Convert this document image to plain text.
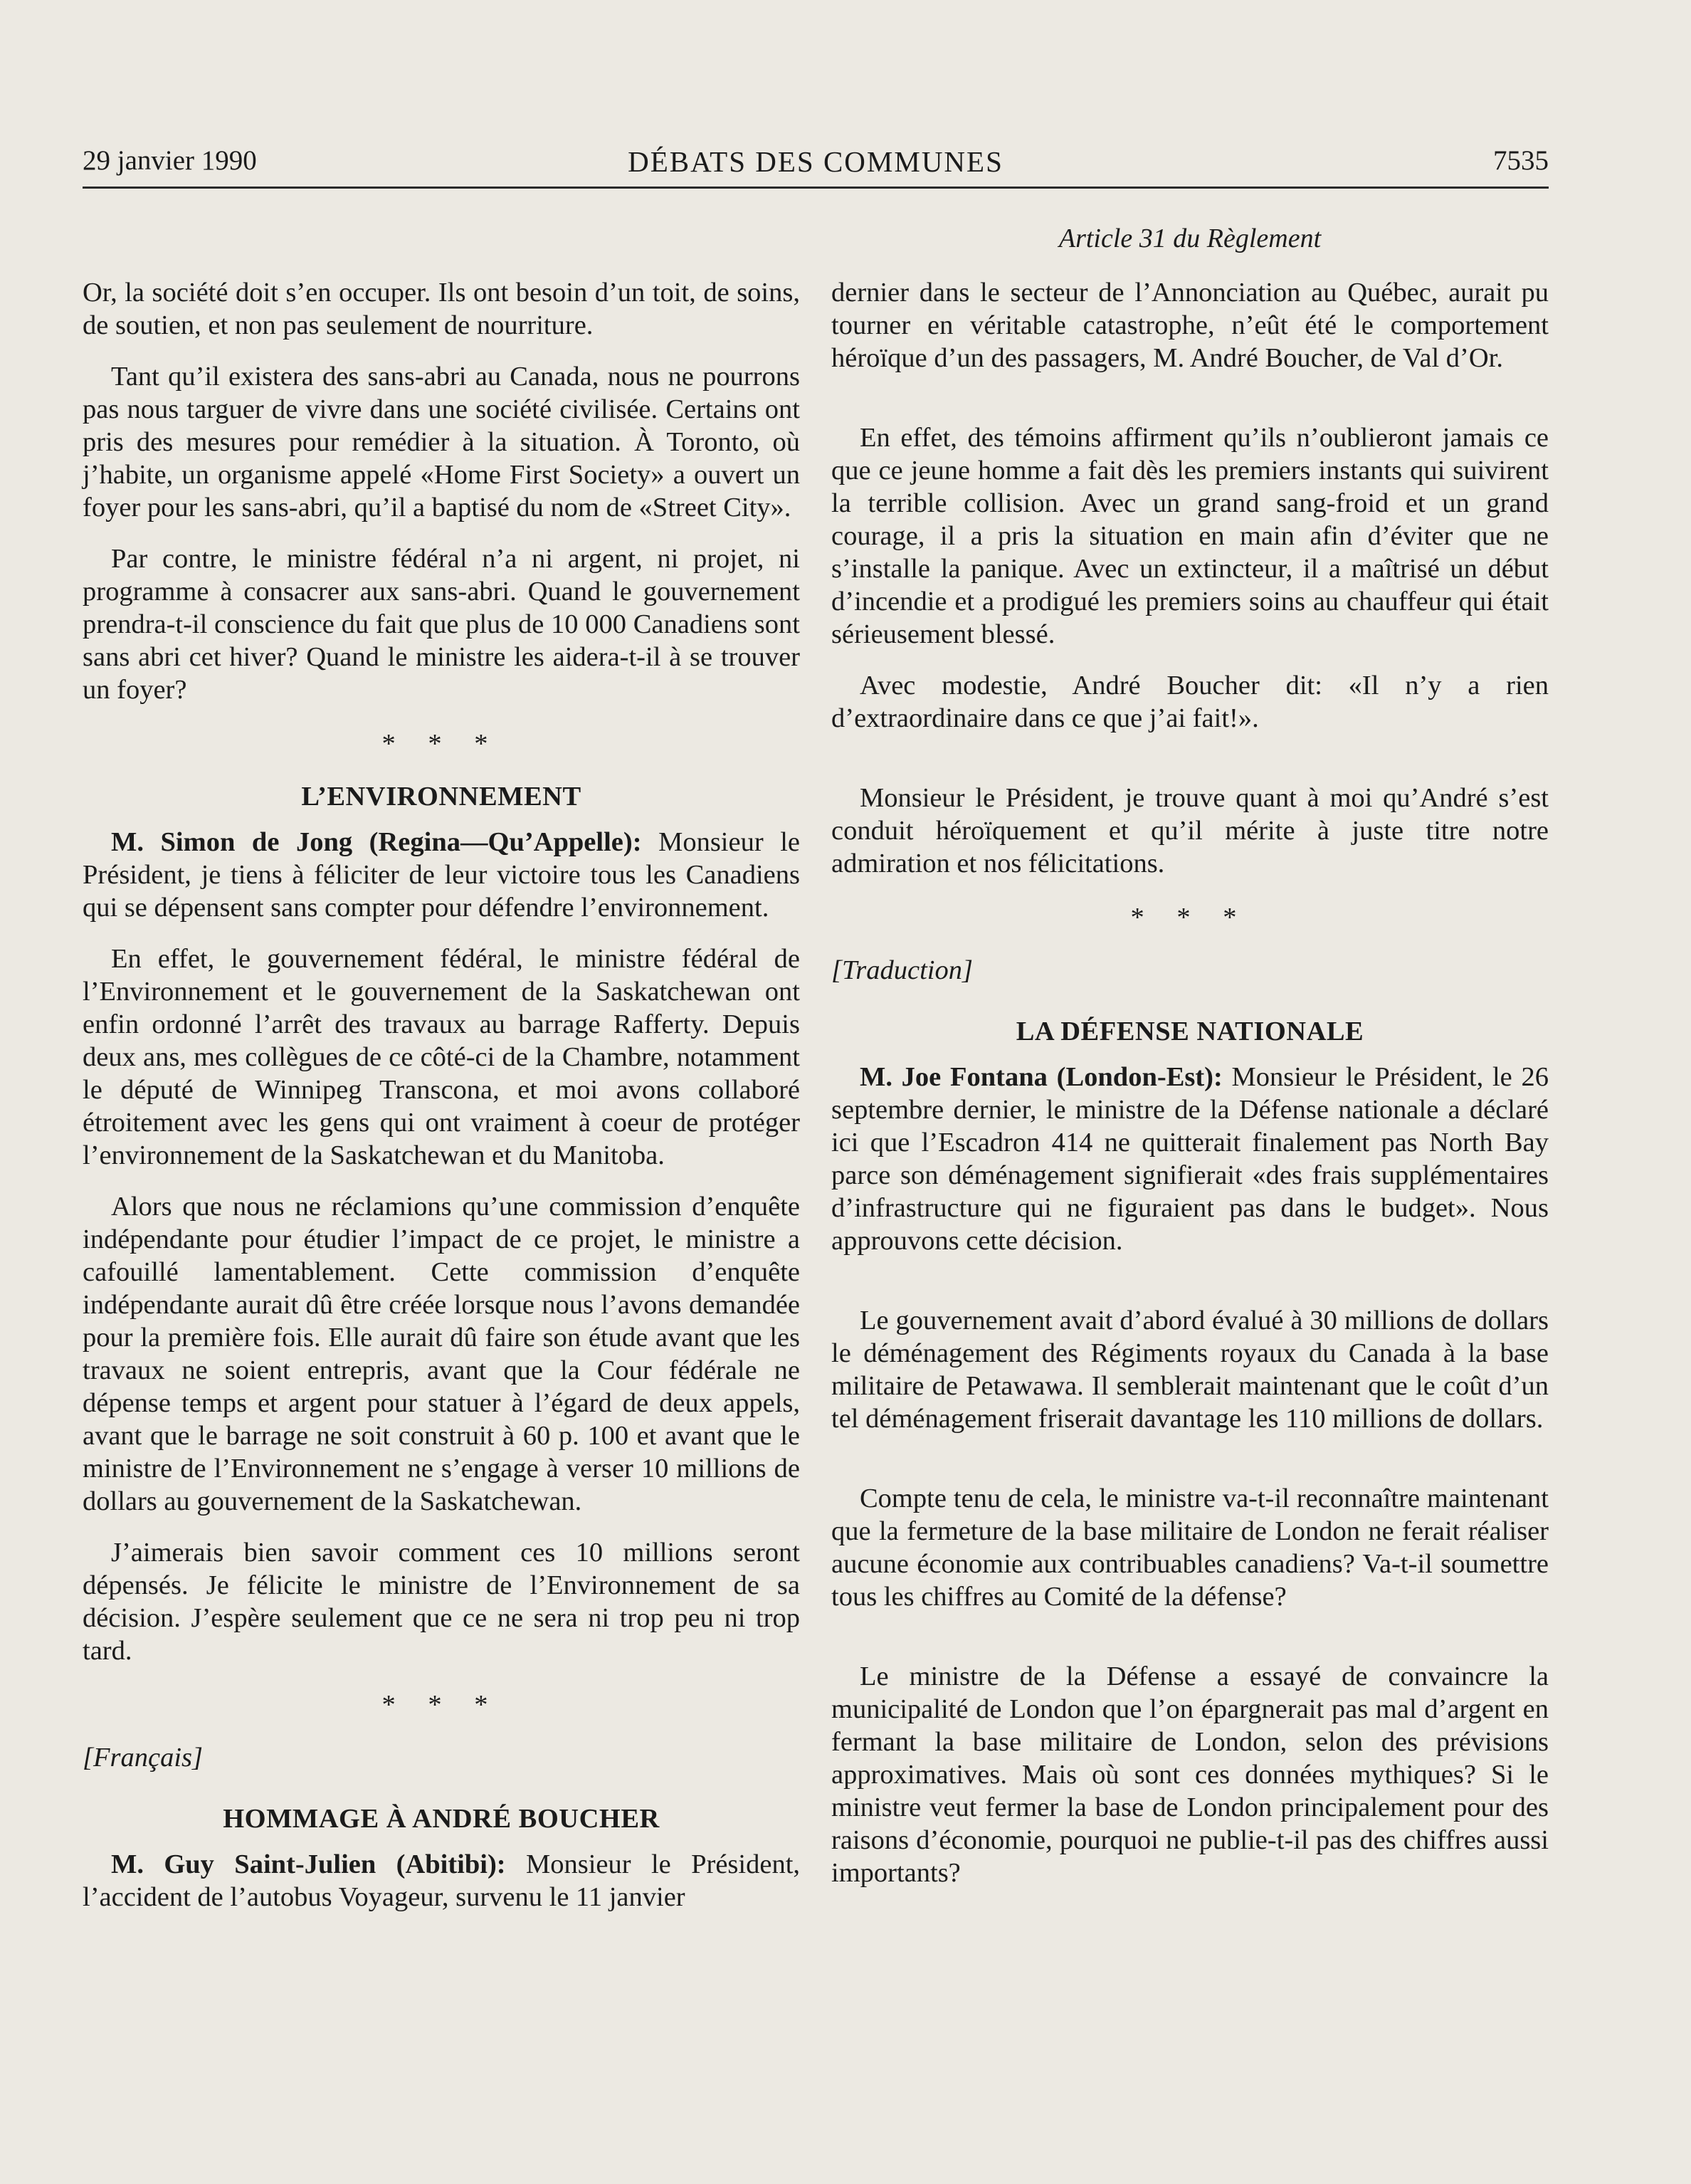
29 janvier 1990	DÉBATS DES COMMUNES	7535
Article 31 du Règlement

Or, la société doit s’en occuper. Ils ont besoin d’un toit, de soins, de soutien, et non pas seulement de nourriture.

Tant qu’il existera des sans-abri au Canada, nous ne pourrons pas nous targuer de vivre dans une société civilisée. Certains ont pris des mesures pour remédier à la situation. À Toronto, où j’habite, un organisme appelé «Home First Society» a ouvert un foyer pour les sans-abri, qu’il a baptisé du nom de «Street City».

Par contre, le ministre fédéral n’a ni argent, ni projet, ni programme à consacrer aux sans-abri. Quand le gouvernement prendra-t-il conscience du fait que plus de 10 000 Canadiens sont sans abri cet hiver? Quand le ministre les aidera-t-il à se trouver un foyer?

* * *
L’ENVIRONNEMENT

M. Simon de Jong (Regina—Qu’Appelle): Monsieur le Président, je tiens à féliciter de leur victoire tous les Canadiens qui se dépensent sans compter pour défendre l’environnement.

En effet, le gouvernement fédéral, le ministre fédéral de l’Environnement et le gouvernement de la Saskatchewan ont enfin ordonné l’arrêt des travaux au barrage Rafferty. Depuis deux ans, mes collègues de ce côté-ci de la Chambre, notamment le député de Winnipeg Transcona, et moi avons collaboré étroitement avec les gens qui ont vraiment à coeur de protéger l’environnement de la Saskatchewan et du Manitoba.

Alors que nous ne réclamions qu’une commission d’enquête indépendante pour étudier l’impact de ce projet, le ministre a cafouillé lamentablement. Cette commission d’enquête indépendante aurait dû être créée lorsque nous l’avons demandée pour la première fois. Elle aurait dû faire son étude avant que les travaux ne soient entrepris, avant que la Cour fédérale ne dépense temps et argent pour statuer à l’égard de deux appels, avant que le barrage ne soit construit à 60 p. 100 et avant que le ministre de l’Environnement ne s’engage à verser 10 millions de dollars au gouvernement de la Saskatchewan.

J’aimerais bien savoir comment ces 10 millions seront dépensés. Je félicite le ministre de l’Environnement de sa décision. J’espère seulement que ce ne sera ni trop peu ni trop tard.

* * *
[Français]
HOMMAGE À ANDRÉ BOUCHER

M. Guy Saint-Julien (Abitibi): Monsieur le Président, l’accident de l’autobus Voyageur, survenu le 11 janvier

dernier dans le secteur de l’Annonciation au Québec, aurait pu tourner en véritable catastrophe, n’eût été le comportement héroïque d’un des passagers, M. André Boucher, de Val d’Or.

En effet, des témoins affirment qu’ils n’oublieront jamais ce que ce jeune homme a fait dès les premiers instants qui suivirent la terrible collision. Avec un grand sang-froid et un grand courage, il a pris la situation en main afin d’éviter que ne s’installe la panique. Avec un extincteur, il a maîtrisé un début d’incendie et a prodigué les premiers soins au chauffeur qui était sérieusement blessé.

Avec modestie, André Boucher dit: «Il n’y a rien d’extraordinaire dans ce que j’ai fait!».

Monsieur le Président, je trouve quant à moi qu’André s’est conduit héroïquement et qu’il mérite à juste titre notre admiration et nos félicitations.

* * *
[Traduction]
LA DÉFENSE NATIONALE

M. Joe Fontana (London-Est): Monsieur le Président, le 26 septembre dernier, le ministre de la Défense nationale a déclaré ici que l’Escadron 414 ne quitterait finalement pas North Bay parce son déménagement signifierait «des frais supplémentaires d’infrastructure qui ne figuraient pas dans le budget». Nous approuvons cette décision.

Le gouvernement avait d’abord évalué à 30 millions de dollars le déménagement des Régiments royaux du Canada à la base militaire de Petawawa. Il semblerait maintenant que le coût d’un tel déménagement friserait davantage les 110 millions de dollars.

Compte tenu de cela, le ministre va-t-il reconnaître maintenant que la fermeture de la base militaire de London ne ferait réaliser aucune économie aux contribuables canadiens? Va-t-il soumettre tous les chiffres au Comité de la défense?

Le ministre de la Défense a essayé de convaincre la municipalité de London que l’on épargnerait pas mal d’argent en fermant la base militaire de London, selon des prévisions approximatives. Mais où sont ces données mythiques? Si le ministre veut fermer la base de London principalement pour des raisons d’économie, pourquoi ne publie-t-il pas des chiffres aussi importants?
